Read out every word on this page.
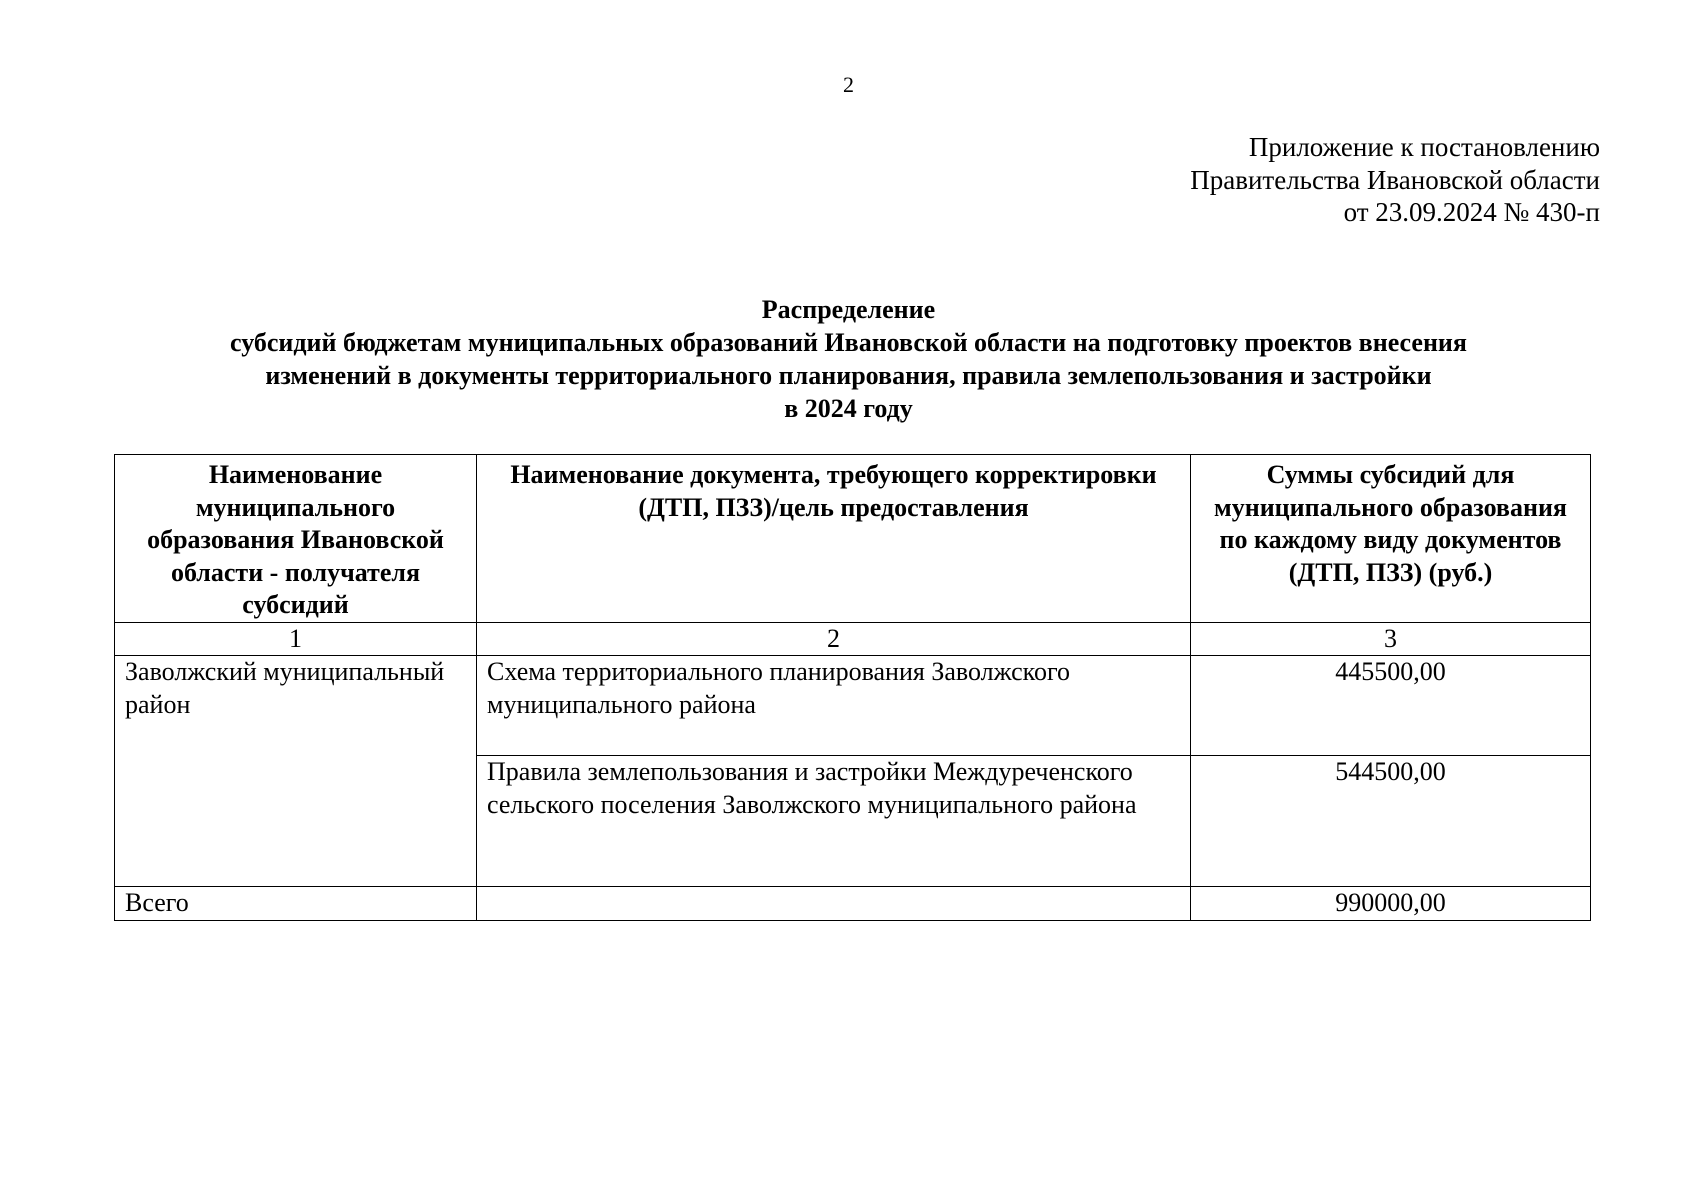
2
Приложение к постановлению
Правительства Ивановской области
от 23.09.2024 № 430-п
Распределение
субсидий бюджетам муниципальных образований Ивановской области на подготовку проектов внесения
изменений в документы территориального планирования, правила землепользования и застройки
в 2024 году
Наименование муниципального образования Ивановской области - получателя субсидий	Наименование документа, требующего корректировки (ДТП, ПЗЗ)/цель предоставления	Суммы субсидий для муниципального образования по каждому виду документов (ДТП, ПЗЗ) (руб.)
1	2	3
Заволжский муниципальный район	Схема территориального планирования Заволжского муниципального района	445500,00
	Правила землепользования и застройки Междуреченского сельского поселения Заволжского муниципального района	544500,00
Всего		990000,00
